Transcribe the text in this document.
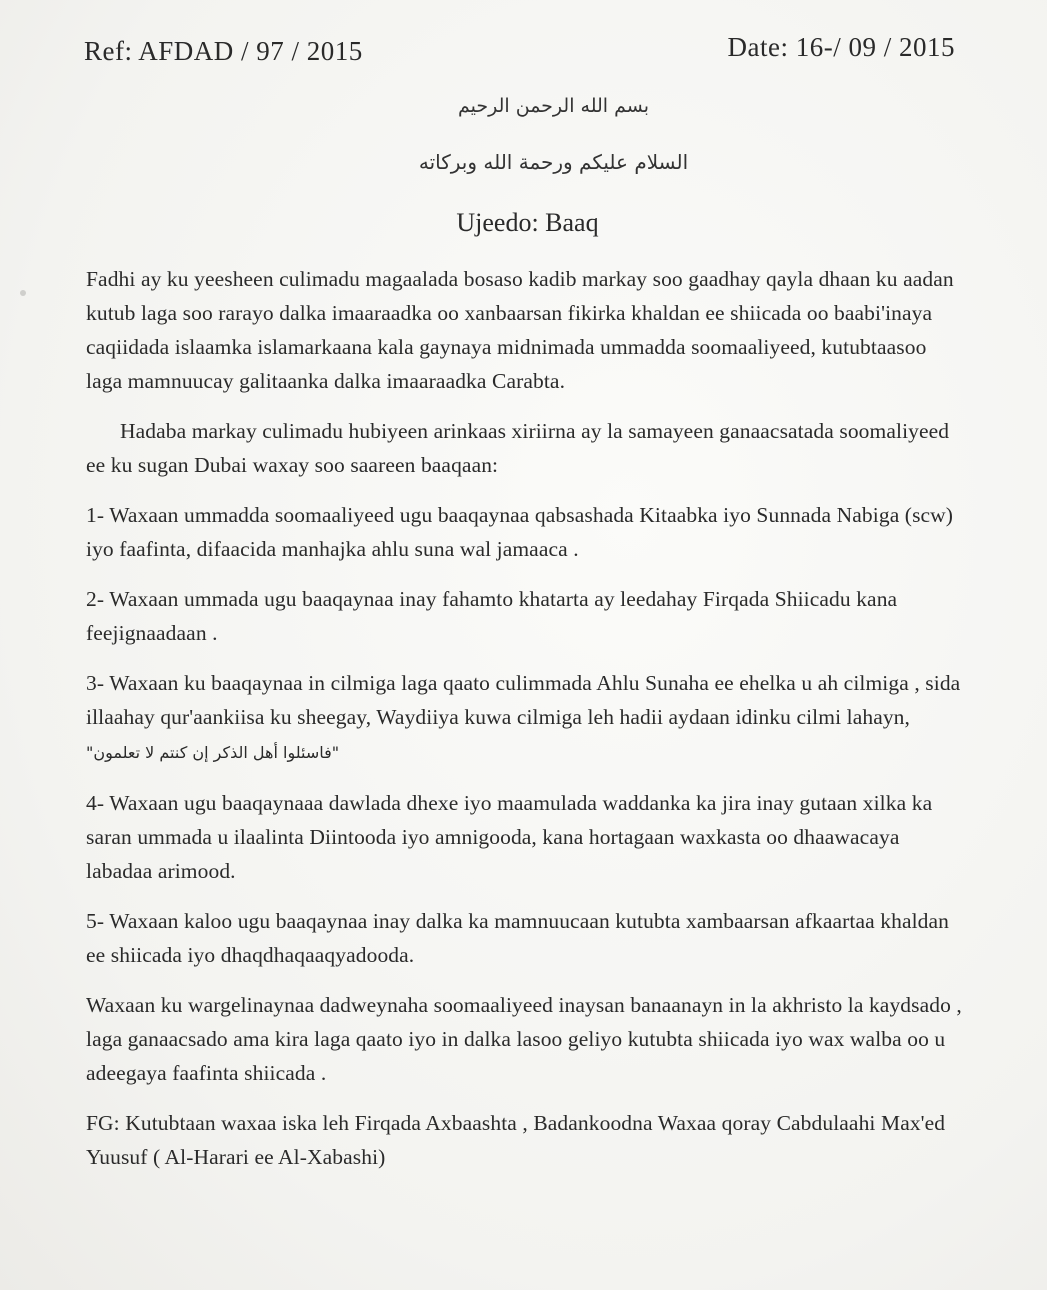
Ref: AFDAD / 97 / 2015	Date: 16-/ 09 / 2015
بسم الله الرحمن الرحيم
السلام عليكم ورحمة الله وبركاته
Ujeedo: Baaq

Fadhi ay ku yeesheen culimadu magaalada bosaso kadib markay soo gaadhay qayla dhaan ku aadan kutub laga soo rarayo dalka imaaraadka oo xanbaarsan fikirka khaldan ee shiicada oo baabi'inaya caqiidada islaamka islamarkaana kala gaynaya midnimada ummadda soomaaliyeed, kutubtaasoo laga mamnuucay galitaanka dalka imaaraadka Carabta.

Hadaba markay culimadu hubiyeen arinkaas xiriirna ay la samayeen ganaacsatada soomaliyeed ee ku sugan Dubai waxay soo saareen baaqaan:

1- Waxaan ummadda soomaaliyeed ugu baaqaynaa qabsashada Kitaabka iyo Sunnada Nabiga (scw) iyo faafinta, difaacida manhajka ahlu suna wal jamaaca .

2- Waxaan ummada ugu baaqaynaa inay fahamto khatarta ay leedahay Firqada Shiicadu kana feejignaadaan .

3- Waxaan ku baaqaynaa in cilmiga laga qaato culimmada Ahlu Sunaha ee ehelka u ah cilmiga , sida illaahay qur'aankiisa ku sheegay, Waydiiya kuwa cilmiga leh hadii aydaan idinku cilmi lahayn, "فاسئلوا أهل الذكر إن كنتم لا تعلمون"

4- Waxaan ugu baaqaynaaa dawlada dhexe iyo maamulada waddanka ka jira inay gutaan xilka ka saran ummada u ilaalinta Diintooda iyo amnigooda, kana hortagaan waxkasta oo dhaawacaya labadaa arimood.

5- Waxaan kaloo ugu baaqaynaa inay dalka ka mamnuucaan kutubta xambaarsan afkaartaa khaldan ee shiicada iyo dhaqdhaqaaqyadooda.

Waxaan ku wargelinaynaa dadweynaha soomaaliyeed inaysan banaanayn in la akhristo la kaydsado , laga ganaacsado ama kira laga qaato iyo in dalka lasoo geliyo kutubta shiicada iyo wax walba oo u adeegaya faafinta shiicada .

FG: Kutubtaan waxaa iska leh Firqada Axbaashta , Badankoodna Waxaa qoray Cabdulaahi Max'ed Yuusuf ( Al-Harari ee Al-Xabashi)
